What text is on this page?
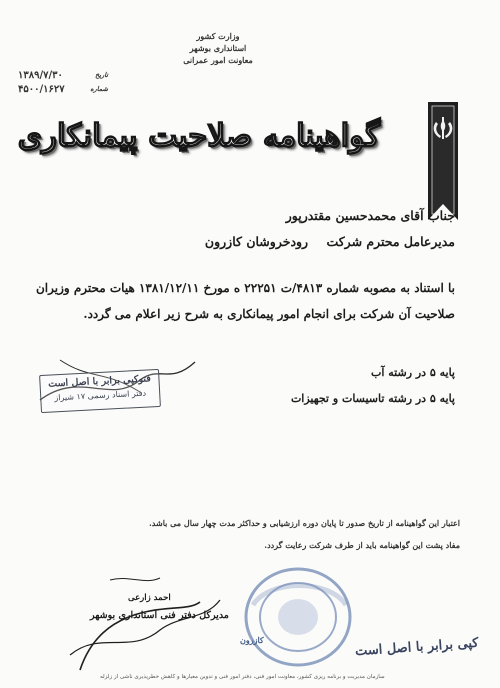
وزارت کشور
استانداری بوشهر
معاونت امور عمرانی
۱۳۸۹/۷/۳۰	تاریخ
۴۵۰۰/۱۶۲۷	شماره
گواهینامه صلاحیت پیمانکاری
جناب آقای محمدحسین مقتدرپور
مدیرعامل محترم شرکت رودخروشان کازرون
با استناد به مصوبه شماره ۴۸۱۳/ت ۲۲۲۵۱ ه مورخ ۱۳۸۱/۱۲/۱۱ هیات محترم وزیران
صلاحیت آن شرکت برای انجام امور پیمانکاری به شرح زیر اعلام می گردد.
پایه ۵ در رشته آب
پایه ۵ در رشته تاسیسات و تجهیزات
فتوکپی برابر با اصل است
دفتر اسناد رسمی ۱۷ شیراز
اعتبار این گواهینامه از تاریخ صدور تا پایان دوره ارزشیابی و حداکثر مدت چهار سال می باشد.
مفاد پشت این گواهینامه باید از طرف شرکت رعایت گردد.
احمد زارعی
مدیرکل دفتر فنی استانداری بوشهر
کازرون	کپی برابر با اصل است
سازمان مدیریت و برنامه ریزی کشور، معاونت امور فنی، دفتر امور فنی و تدوین معیارها و کاهش خطرپذیری ناشی از زلزله
